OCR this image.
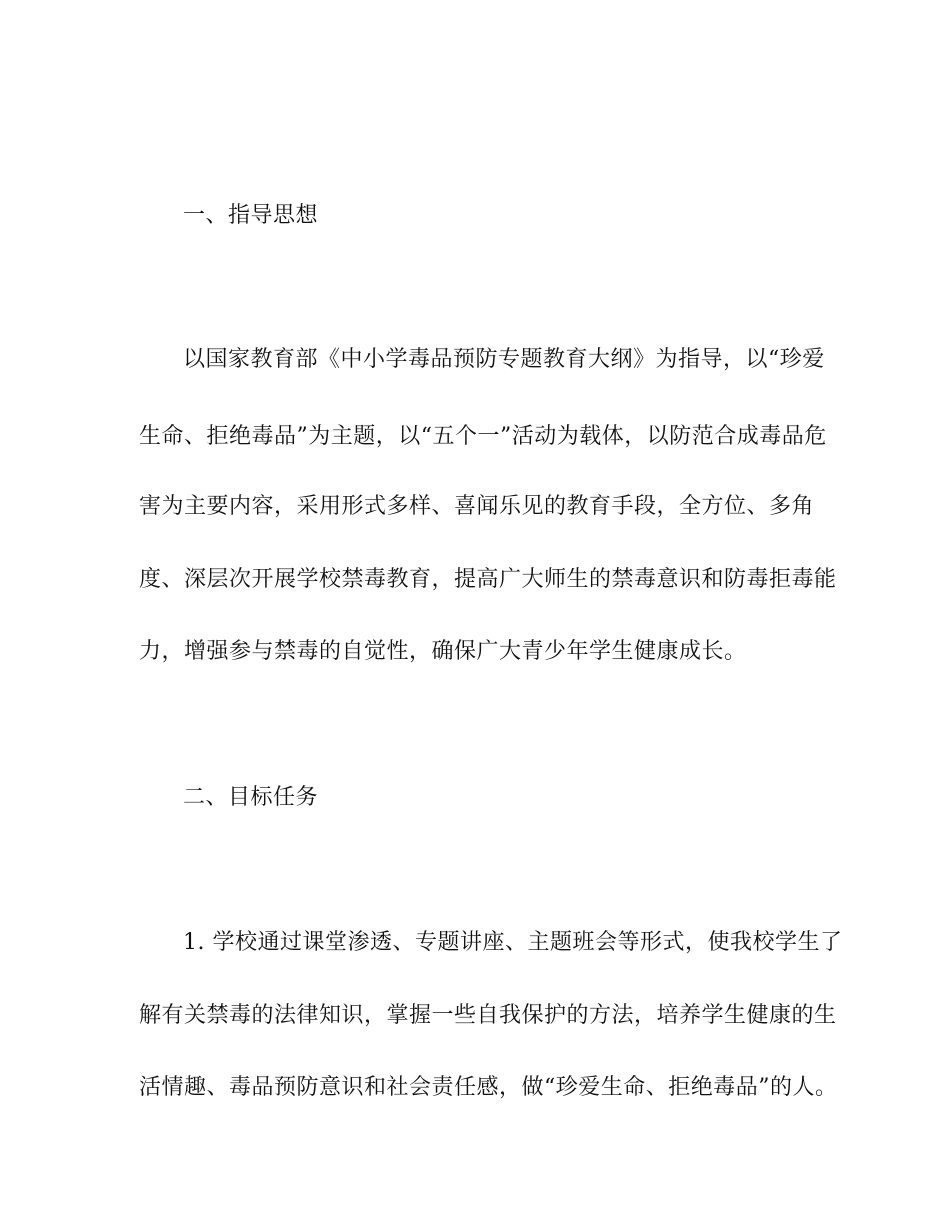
一、指导思想
以国家教育部《中小学毒品预防专题教育大纲》为指导，以“珍爱
生命、拒绝毒品”为主题，以“五个一”活动为载体，以防范合成毒品危
害为主要内容，采用形式多样、喜闻乐见的教育手段，全方位、多角
度、深层次开展学校禁毒教育，提高广大师生的禁毒意识和防毒拒毒能
力，增强参与禁毒的自觉性，确保广大青少年学生健康成长。
二、目标任务
1. 学校通过课堂渗透、专题讲座、主题班会等形式，使我校学生了
解有关禁毒的法律知识，掌握一些自我保护的方法，培养学生健康的生
活情趣、毒品预防意识和社会责任感，做“珍爱生命、拒绝毒品”的人。
